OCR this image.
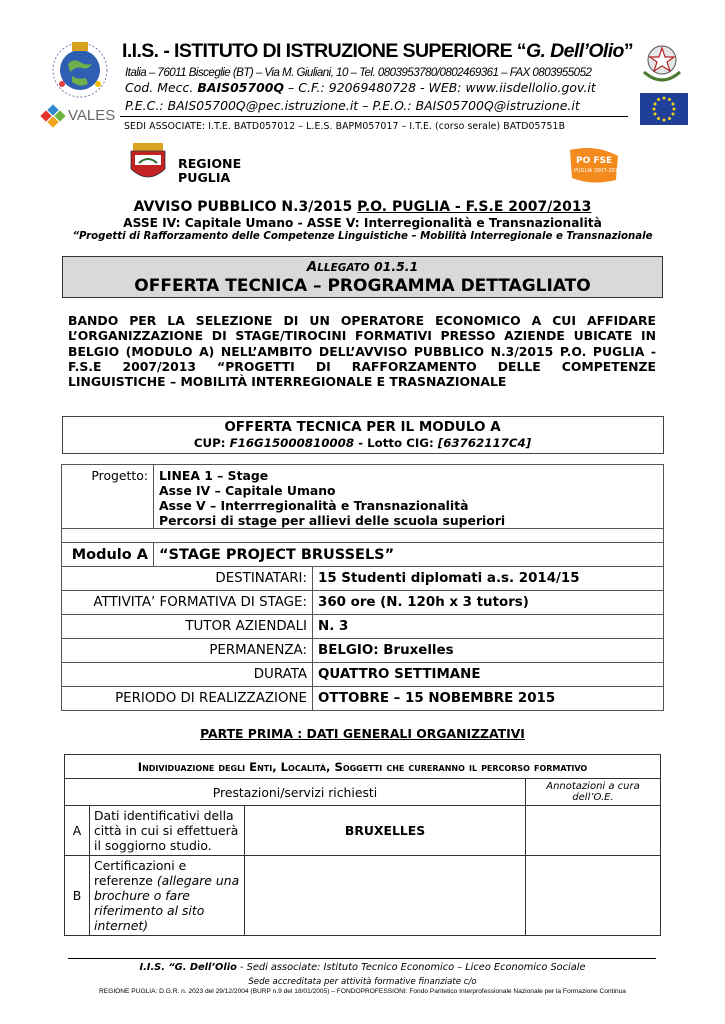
VALES
I.I.S. - ISTITUTO DI ISTRUZIONE SUPERIORE “G. Dell’Olio”
Italia – 76011 Bisceglie (BT) – Via M. Giuliani, 10 – Tel. 0803953780/0802469361 – FAX 0803955052
Cod. Mecc. BAIS05700Q – C.F.: 92069480728 - WEB: www.iisdellolio.gov.it
P.E.C.: BAIS05700Q@pec.istruzione.it – P.E.O.: BAIS05700Q@istruzione.it
SEDI ASSOCIATE: I.T.E. BATD057012 – L.E.S. BAPM057017 – I.T.E. (corso serale) BATD05751B
REGIONE
PUGLIA
PO FSE
PUGLIA 2007-2013
AVVISO PUBBLICO N.3/2015 P.O. PUGLIA - F.S.E 2007/2013
ASSE IV: Capitale Umano - ASSE V: Interregionalità e Transnazionalità
“Progetti di Rafforzamento delle Competenze Linguistiche – Mobilità Interregionale e Transnazionale
ALLEGATO 01.5.1
OFFERTA TECNICA – PROGRAMMA DETTAGLIATO
BANDO PER LA SELEZIONE DI UN OPERATORE ECONOMICO A CUI AFFIDARE L’ORGANIZZAZIONE DI STAGE/TIROCINI FORMATIVI PRESSO AZIENDE UBICATE IN BELGIO (MODULO A) NELL’AMBITO DELL’AVVISO PUBBLICO N.3/2015 P.O. PUGLIA - F.S.E 2007/2013 “PROGETTI DI RAFFORZAMENTO DELLE COMPETENZE LINGUISTICHE – MOBILITÀ INTERREGIONALE E TRASNAZIONALE
OFFERTA TECNICA PER IL MODULO A
CUP: F16G15000810008 - Lotto CIG: [63762117C4]
Progetto:	LINEA 1 – Stage
Asse IV – Capitale Umano
Asse V – Interrregionalità e Transnazionalità
Percorsi di stage per allievi delle scuola superiori

Modulo A	“STAGE PROJECT BRUSSELS”
DESTINATARI:	15 Studenti diplomati a.s. 2014/15
ATTIVITA’ FORMATIVA DI STAGE:	360 ore (N. 120h x 3 tutors)
TUTOR AZIENDALI	N. 3
PERMANENZA:	BELGIO: Bruxelles
DURATA	QUATTRO SETTIMANE
PERIODO DI REALIZZAZIONE	OTTOBRE – 15 NOBEMBRE 2015
PARTE PRIMA : DATI GENERALI ORGANIZZATIVI
Individuazione degli Enti, Località, Soggetti che cureranno il percorso formativo			
Prestazioni/servizi richiesti			Annotazioni a cura dell’O.E.
A	Dati identificativi della città in cui si effettuerà il soggiorno studio.	BRUXELLES	
B	Certificazioni e referenze (allegare una brochure o fare riferimento al sito internet)		
I.I.S. “G. Dell’Olio - Sedi associate: Istituto Tecnico Economico – Liceo Economico Sociale
Sede accreditata per attività formative finanziate c/o
REGIONE PUGLIA: D.G.R. n. 2023 del 29/12/2004 (BURP n.9 del 18/01/2005) – FONDOPROFESSIONI: Fondo Paritetico Interprofessionale Nazionale per la Formazione Continua
